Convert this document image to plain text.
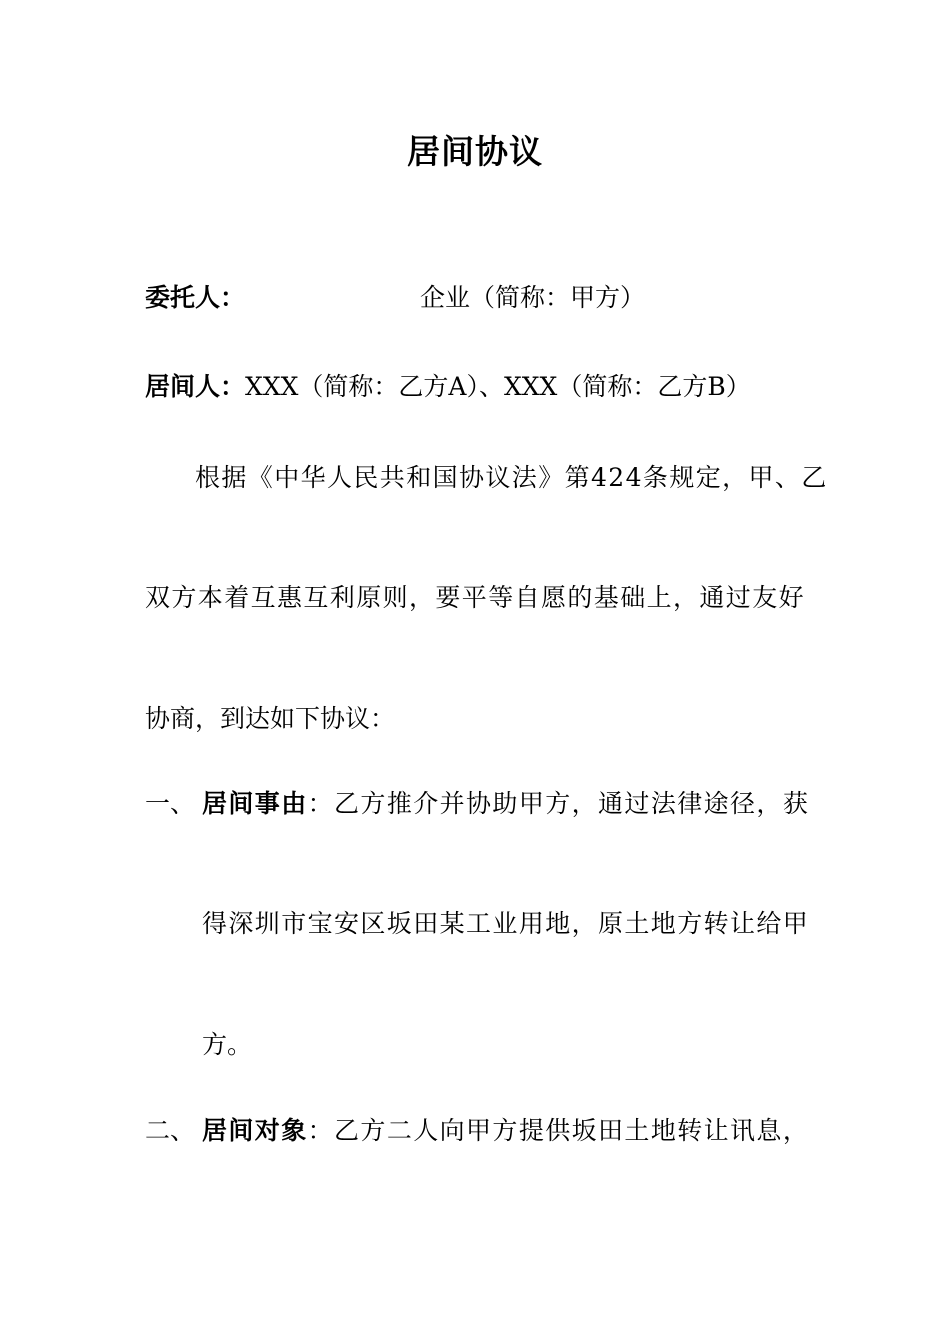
居间协议

委托人：	企业（简称：甲方）

居间人：XXX（简称：乙方A）、XXX（简称：乙方B）

根据《中华人民共和国协议法》第424条规定，甲、乙

双方本着互惠互利原则，要平等自愿的基础上，通过友好

协商，到达如下协议：

一、 居间事由：乙方推介并协助甲方，通过法律途径，获

得深圳市宝安区坂田某工业用地，原土地方转让给甲

方。

二、 居间对象：乙方二人向甲方提供坂田土地转让讯息，
